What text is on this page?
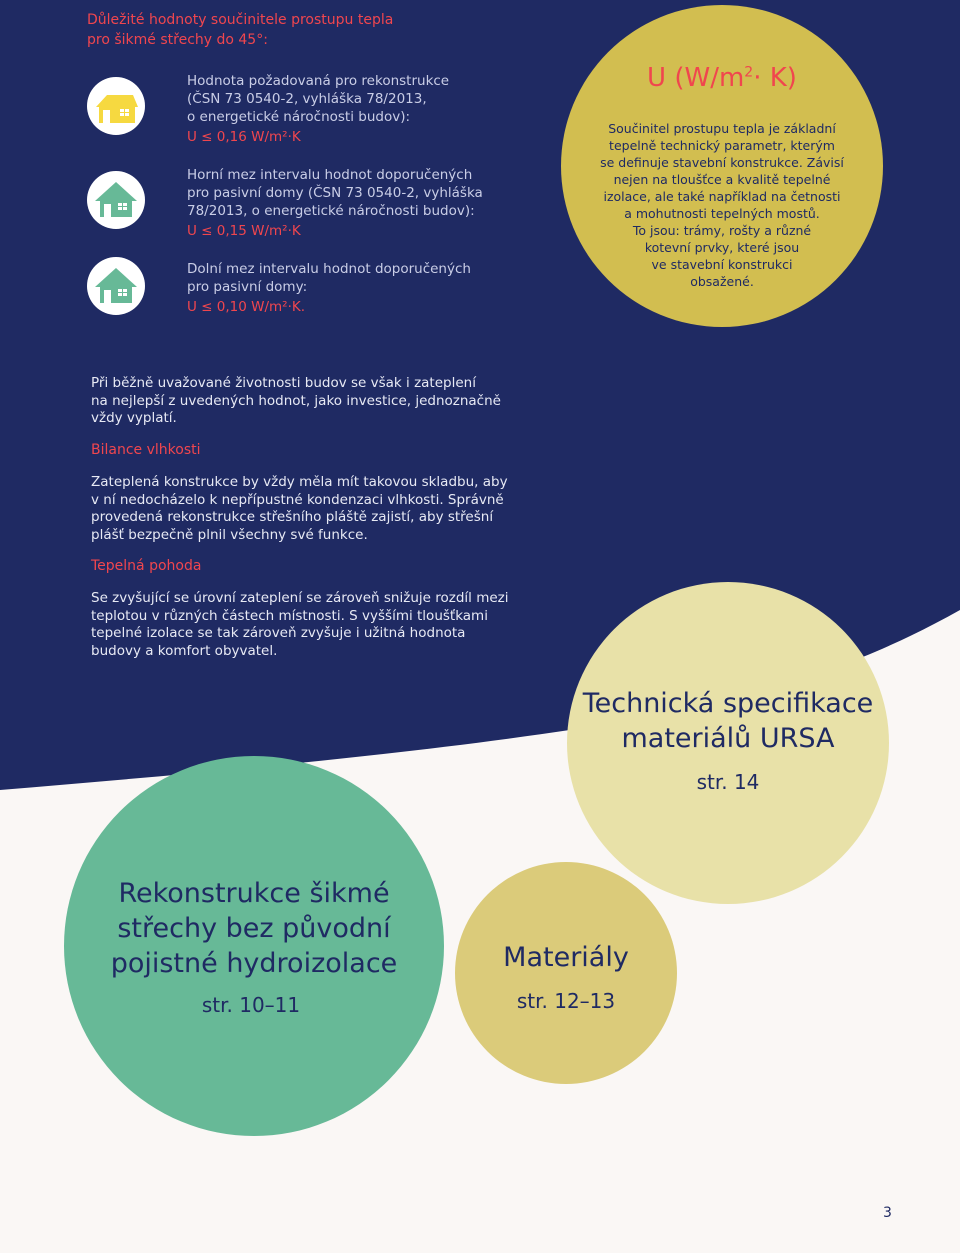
Důležité hodnoty součinitele prostupu tepla
pro šikmé střechy do 45°:
Hodnota požadovaná pro rekonstrukce
(ČSN 73 0540-2, vyhláška 78/2013,
o energetické náročnosti budov):
U ≤ 0,16 W/m²·K
Horní mez intervalu hodnot doporučených
pro pasivní domy (ČSN 73 0540-2, vyhláška
78/2013, o energetické náročnosti budov):
U ≤ 0,15 W/m²·K
Dolní mez intervalu hodnot doporučených
pro pasivní domy:
U ≤ 0,10 W/m²·K.
U $(W/m^2\cdot K)$
Součinitel prostupu tepla je základní
tepelně technický parametr, kterým
se definuje stavební konstrukce. Závisí
nejen na tloušťce a kvalitě tepelné
izolace, ale také například na četnosti
a mohutnosti tepelných mostů.
To jsou: trámy, rošty a různé
kotevní prvky, které jsou
ve stavební konstrukci
obsažené.
Při běžně uvažované životnosti budov se však i zateplení
na nejlepší z uvedených hodnot, jako investice, jednoznačně
vždy vyplatí.
Bilance vlhkosti
Zateplená konstrukce by vždy měla mít takovou skladbu, aby
v ní nedocházelo k nepřípustné kondenzaci vlhkosti. Správně
provedená rekonstrukce střešního pláště zajistí, aby střešní
plášť bezpečně plnil všechny své funkce.
Tepelná pohoda
Se zvyšující se úrovní zateplení se zároveň snižuje rozdíl mezi
teplotou v různých částech místnosti. S vyššími tloušťkami
tepelné izolace se tak zároveň zvyšuje i užitná hodnota
budovy a komfort obyvatel.
Technická specifikace
materiálů URSA
str. 14
Rekonstrukce šikmé
střechy bez původní
pojistné hydroizolace
str. 10–11
Materiály
str. 12–13
3
